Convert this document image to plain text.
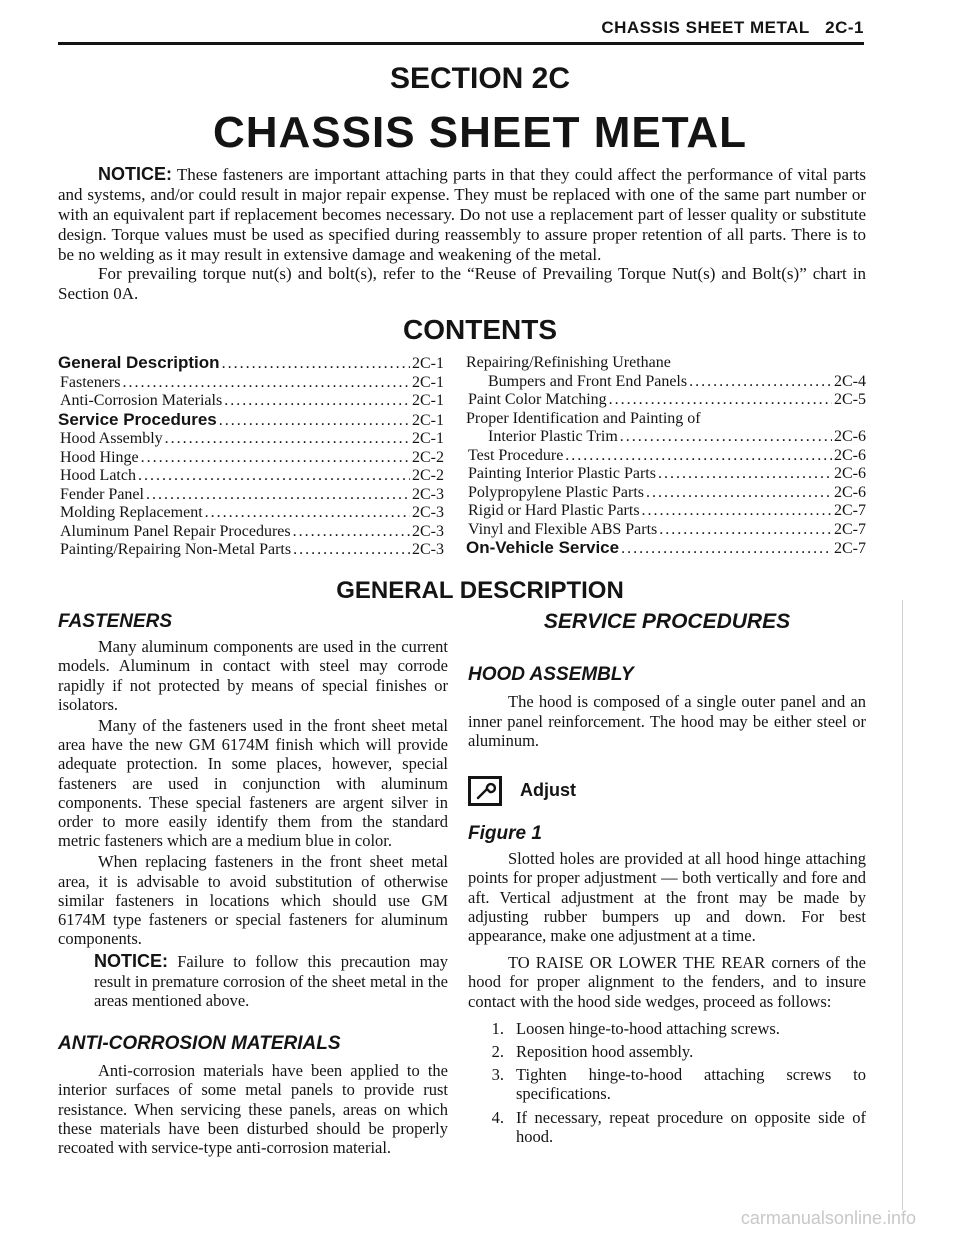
CHASSIS SHEET METAL   2C-1
SECTION 2C
CHASSIS SHEET METAL

NOTICE: These fasteners are important attaching parts in that they could affect the performance of vital parts and systems, and/or could result in major repair expense. They must be replaced with one of the same part number or with an equivalent part if replacement becomes necessary. Do not use a replacement part of lesser quality or substitute design. Torque values must be used as specified during reassembly to assure proper retention of all parts. There is to be no welding as it may result in extensive damage and weakening of the metal.

For prevailing torque nut(s) and bolt(s), refer to the “Reuse of Prevailing Torque Nut(s) and Bolt(s)” chart in Section 0A.

CONTENTS
General Description .....	2C-1
Fasteners .....	2C-1
Anti-Corrosion Materials .....	2C-1
Service Procedures .....	2C-1
Hood Assembly .....	2C-1
Hood Hinge .....	2C-2
Hood Latch .....	2C-2
Fender Panel .....	2C-3
Molding Replacement .....	2C-3
Aluminum Panel Repair Procedures .....	2C-3
Painting/Repairing Non-Metal Parts .....	2C-3
Repairing/Refinishing Urethane
Bumpers and Front End Panels .....	2C-4
Paint Color Matching .....	2C-5
Proper Identification and Painting of
Interior Plastic Trim .....	2C-6
Test Procedure .....	2C-6
Painting Interior Plastic Parts .....	2C-6
Polypropylene Plastic Parts .....	2C-6
Rigid or Hard Plastic Parts .....	2C-7
Vinyl and Flexible ABS Parts .....	2C-7
On-Vehicle Service .....	2C-7
GENERAL DESCRIPTION
FASTENERS

Many aluminum components are used in the current models. Aluminum in contact with steel may corrode rapidly if not protected by means of special finishes or isolators.

Many of the fasteners used in the front sheet metal area have the new GM 6174M finish which will provide adequate protection. In some places, however, special fasteners are used in conjunction with aluminum components. These special fasteners are argent silver in order to more easily identify them from the standard metric fasteners which are a medium blue in color.

When replacing fasteners in the front sheet metal area, it is advisable to avoid substitution of otherwise similar fasteners in locations which should use GM 6174M type fasteners or special fasteners for aluminum components.

NOTICE: Failure to follow this precaution may result in premature corrosion of the sheet metal in the areas mentioned above.

ANTI-CORROSION MATERIALS

Anti-corrosion materials have been applied to the interior surfaces of some metal panels to provide rust resistance. When servicing these panels, areas on which these materials have been disturbed should be properly recoated with service-type anti-corrosion material.

SERVICE PROCEDURES
HOOD ASSEMBLY

The hood is composed of a single outer panel and an inner panel reinforcement. The hood may be either steel or aluminum.

Adjust
Figure 1

Slotted holes are provided at all hood hinge attaching points for proper adjustment — both vertically and fore and aft. Vertical adjustment at the front may be made by adjusting rubber bumpers up and down. For best appearance, make one adjustment at a time.

TO RAISE OR LOWER THE REAR corners of the hood for proper alignment to the fenders, and to insure contact with the hood side wedges, proceed as follows:

1. Loosen hinge-to-hood attaching screws.
2. Reposition hood assembly.
3. Tighten hinge-to-hood attaching screws to specifications.
4. If necessary, repeat procedure on opposite side of hood.
carmanualsonline.info
